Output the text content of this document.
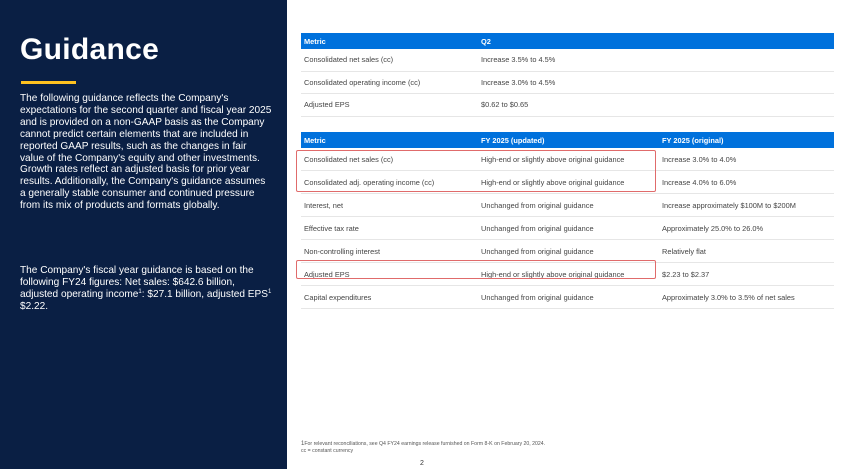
Guidance
The following guidance reflects the Company's expectations for the second quarter and fiscal year 2025 and is provided on a non-GAAP basis as the Company cannot predict certain elements that are included in reported GAAP results, such as the changes in fair value of the Company's equity and other investments. Growth rates reflect an adjusted basis for prior year results. Additionally, the Company's guidance assumes a generally stable consumer and continued pressure from its mix of products and formats globally.
The Company's fiscal year guidance is based on the following FY24 figures: Net sales: $642.6 billion, adjusted operating income$^1$: $27.1 billion, adjusted EPS$^1$ $2.22.
Metric	Q2
Consolidated net sales (cc)	Increase 3.5% to 4.5%
Consolidated operating income (cc)	Increase 3.0% to 4.5%
Adjusted EPS	$0.62 to $0.65
Metric	FY 2025 (updated)	FY 2025 (original)
Consolidated net sales (cc)	High-end or slightly above original guidance	Increase 3.0% to 4.0%
Consolidated adj. operating income (cc)	High-end or slightly above original guidance	Increase 4.0% to 6.0%
Interest, net	Unchanged from original guidance	Increase approximately $100M to $200M
Effective tax rate	Unchanged from original guidance	Approximately 25.0% to 26.0%
Non-controlling interest	Unchanged from original guidance	Relatively flat
Adjusted EPS	High-end or slightly above original guidance	$2.23 to $2.37
Capital expenditures	Unchanged from original guidance	Approximately 3.0% to 3.5% of net sales
$^1$For relevant reconciliations, see Q4 FY24 earnings release furnished on Form 8-K on February 20, 2024.
cc = constant currency
2
